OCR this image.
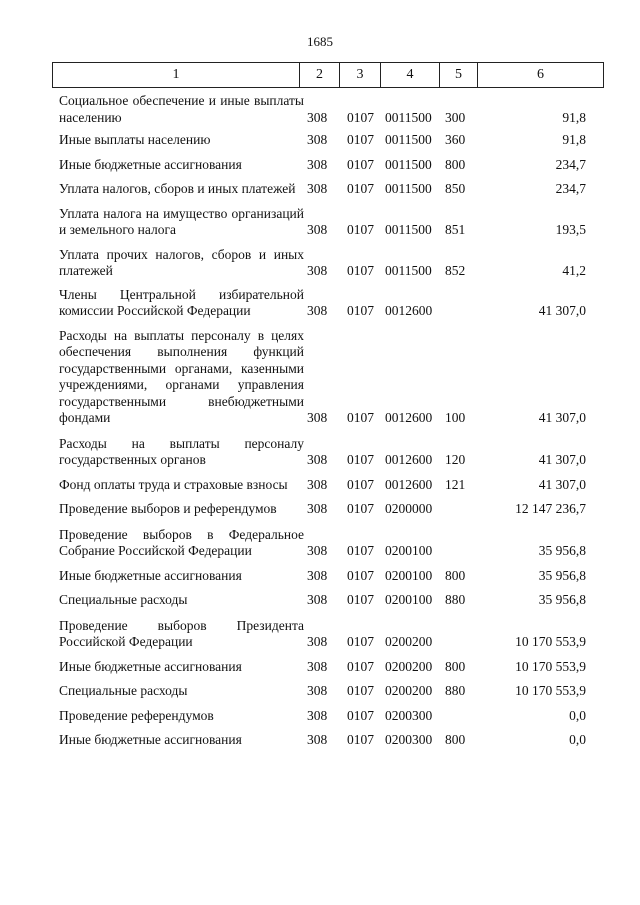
1685
1	2	3	4	5	6
Социальное обеспечение и иные выплаты населению	308 0107 0011500 300	91,8
Иные выплаты населению	308 0107 0011500 360	91,8
Иные бюджетные ассигнования	308 0107 0011500 800	234,7
Уплата налогов, сборов и иных платежей 308 0107 0011500 850	234,7
Уплата налога на имущество организаций и земельного налога	308 0107 0011500 851	193,5
Уплата прочих налогов, сборов и иных платежей	308 0107 0011500 852	41,2
Члены Центральной избирательной комиссии Российской Федерации	308 0107 0012600	41 307,0
Расходы на выплаты персоналу в целях обеспечения выполнения функций государственными органами, казенными учреждениями, органами управления государственными внебюджетными фондами	308 0107 0012600 100	41 307,0
Расходы на выплаты персоналу государственных органов	308 0107 0012600 120	41 307,0
Фонд оплаты труда и страховые взносы	308 0107 0012600 121	41 307,0
Проведение выборов и референдумов	308 0107 0200000	12 147 236,7
Проведение выборов в Федеральное Собрание Российской Федерации	308 0107 0200100	35 956,8
Иные бюджетные ассигнования	308 0107 0200100 800	35 956,8
Специальные расходы	308 0107 0200100 880	35 956,8
Проведение выборов Президента Российской Федерации	308 0107 0200200	10 170 553,9
Иные бюджетные ассигнования	308 0107 0200200 800	10 170 553,9
Специальные расходы	308 0107 0200200 880	10 170 553,9
Проведение референдумов	308 0107 0200300	0,0
Иные бюджетные ассигнования	308 0107 0200300 800	0,0
